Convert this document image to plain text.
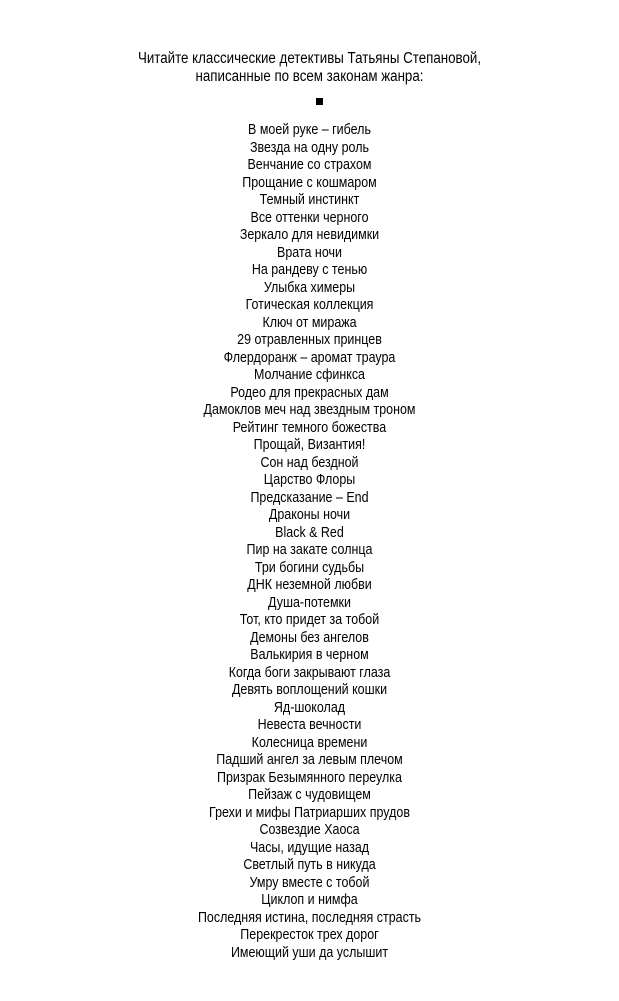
Читайте классические детективы Татьяны Степановой,
написанные по всем законам жанра:
В моей руке – гибель
Звезда на одну роль
Венчание со страхом
Прощание с кошмаром
Темный инстинкт
Все оттенки черного
Зеркало для невидимки
Врата ночи
На рандеву с тенью
Улыбка химеры
Готическая коллекция
Ключ от миража
29 отравленных принцев
Флердоранж – аромат траура
Молчание сфинкса
Родео для прекрасных дам
Дамоклов меч над звездным троном
Рейтинг темного божества
Прощай, Византия!
Сон над бездной
Царство Флоры
Предсказание – End
Драконы ночи
Black & Red
Пир на закате солнца
Три богини судьбы
ДНК неземной любви
Душа-потемки
Тот, кто придет за тобой
Демоны без ангелов
Валькирия в черном
Когда боги закрывают глаза
Девять воплощений кошки
Яд-шоколад
Невеста вечности
Колесница времени
Падший ангел за левым плечом
Призрак Безымянного переулка
Пейзаж с чудовищем
Грехи и мифы Патриарших прудов
Созвездие Хаоса
Часы, идущие назад
Светлый путь в никуда
Умру вместе с тобой
Циклоп и нимфа
Последняя истина, последняя страсть
Перекресток трех дорог
Имеющий уши да услышит
